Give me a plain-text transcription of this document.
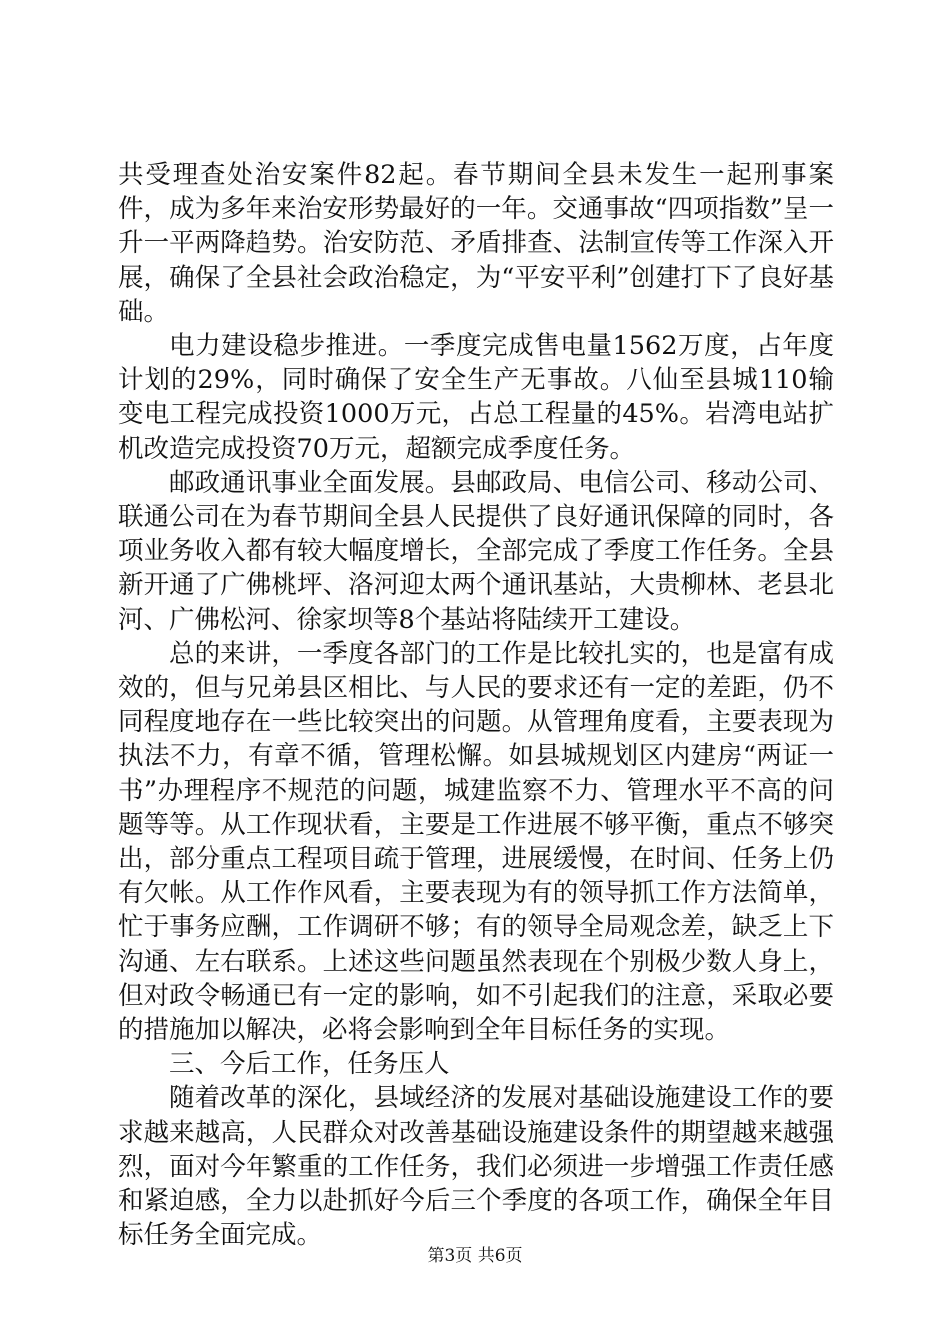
共受理查处治安案件82起。春节期间全县未发生一起刑事案件，成为多年来治安形势最好的一年。交通事故“四项指数”呈一升一平两降趋势。治安防范、矛盾排查、法制宣传等工作深入开展，确保了全县社会政治稳定，为“平安平利”创建打下了良好基础。

电力建设稳步推进。一季度完成售电量1562万度，占年度计划的29%，同时确保了安全生产无事故。八仙至县城110输变电工程完成投资1000万元，占总工程量的45%。岩湾电站扩机改造完成投资70万元，超额完成季度任务。

邮政通讯事业全面发展。县邮政局、电信公司、移动公司、联通公司在为春节期间全县人民提供了良好通讯保障的同时，各项业务收入都有较大幅度增长，全部完成了季度工作任务。全县新开通了广佛桃坪、洛河迎太两个通讯基站，大贵柳林、老县北河、广佛松河、徐家坝等8个基站将陆续开工建设。

总的来讲，一季度各部门的工作是比较扎实的，也是富有成效的，但与兄弟县区相比、与人民的要求还有一定的差距，仍不同程度地存在一些比较突出的问题。从管理角度看，主要表现为执法不力，有章不循，管理松懈。如县城规划区内建房“两证一书”办理程序不规范的问题，城建监察不力、管理水平不高的问题等等。从工作现状看，主要是工作进展不够平衡，重点不够突出，部分重点工程项目疏于管理，进展缓慢，在时间、任务上仍有欠帐。从工作作风看，主要表现为有的领导抓工作方法简单，忙于事务应酬，工作调研不够；有的领导全局观念差，缺乏上下沟通、左右联系。上述这些问题虽然表现在个别极少数人身上，但对政令畅通已有一定的影响，如不引起我们的注意，采取必要的措施加以解决，必将会影响到全年目标任务的实现。

三、今后工作，任务压人

随着改革的深化，县域经济的发展对基础设施建设工作的要求越来越高，人民群众对改善基础设施建设条件的期望越来越强烈，面对今年繁重的工作任务，我们必须进一步增强工作责任感和紧迫感，全力以赴抓好今后三个季度的各项工作，确保全年目标任务全面完成。

第3页 共6页
